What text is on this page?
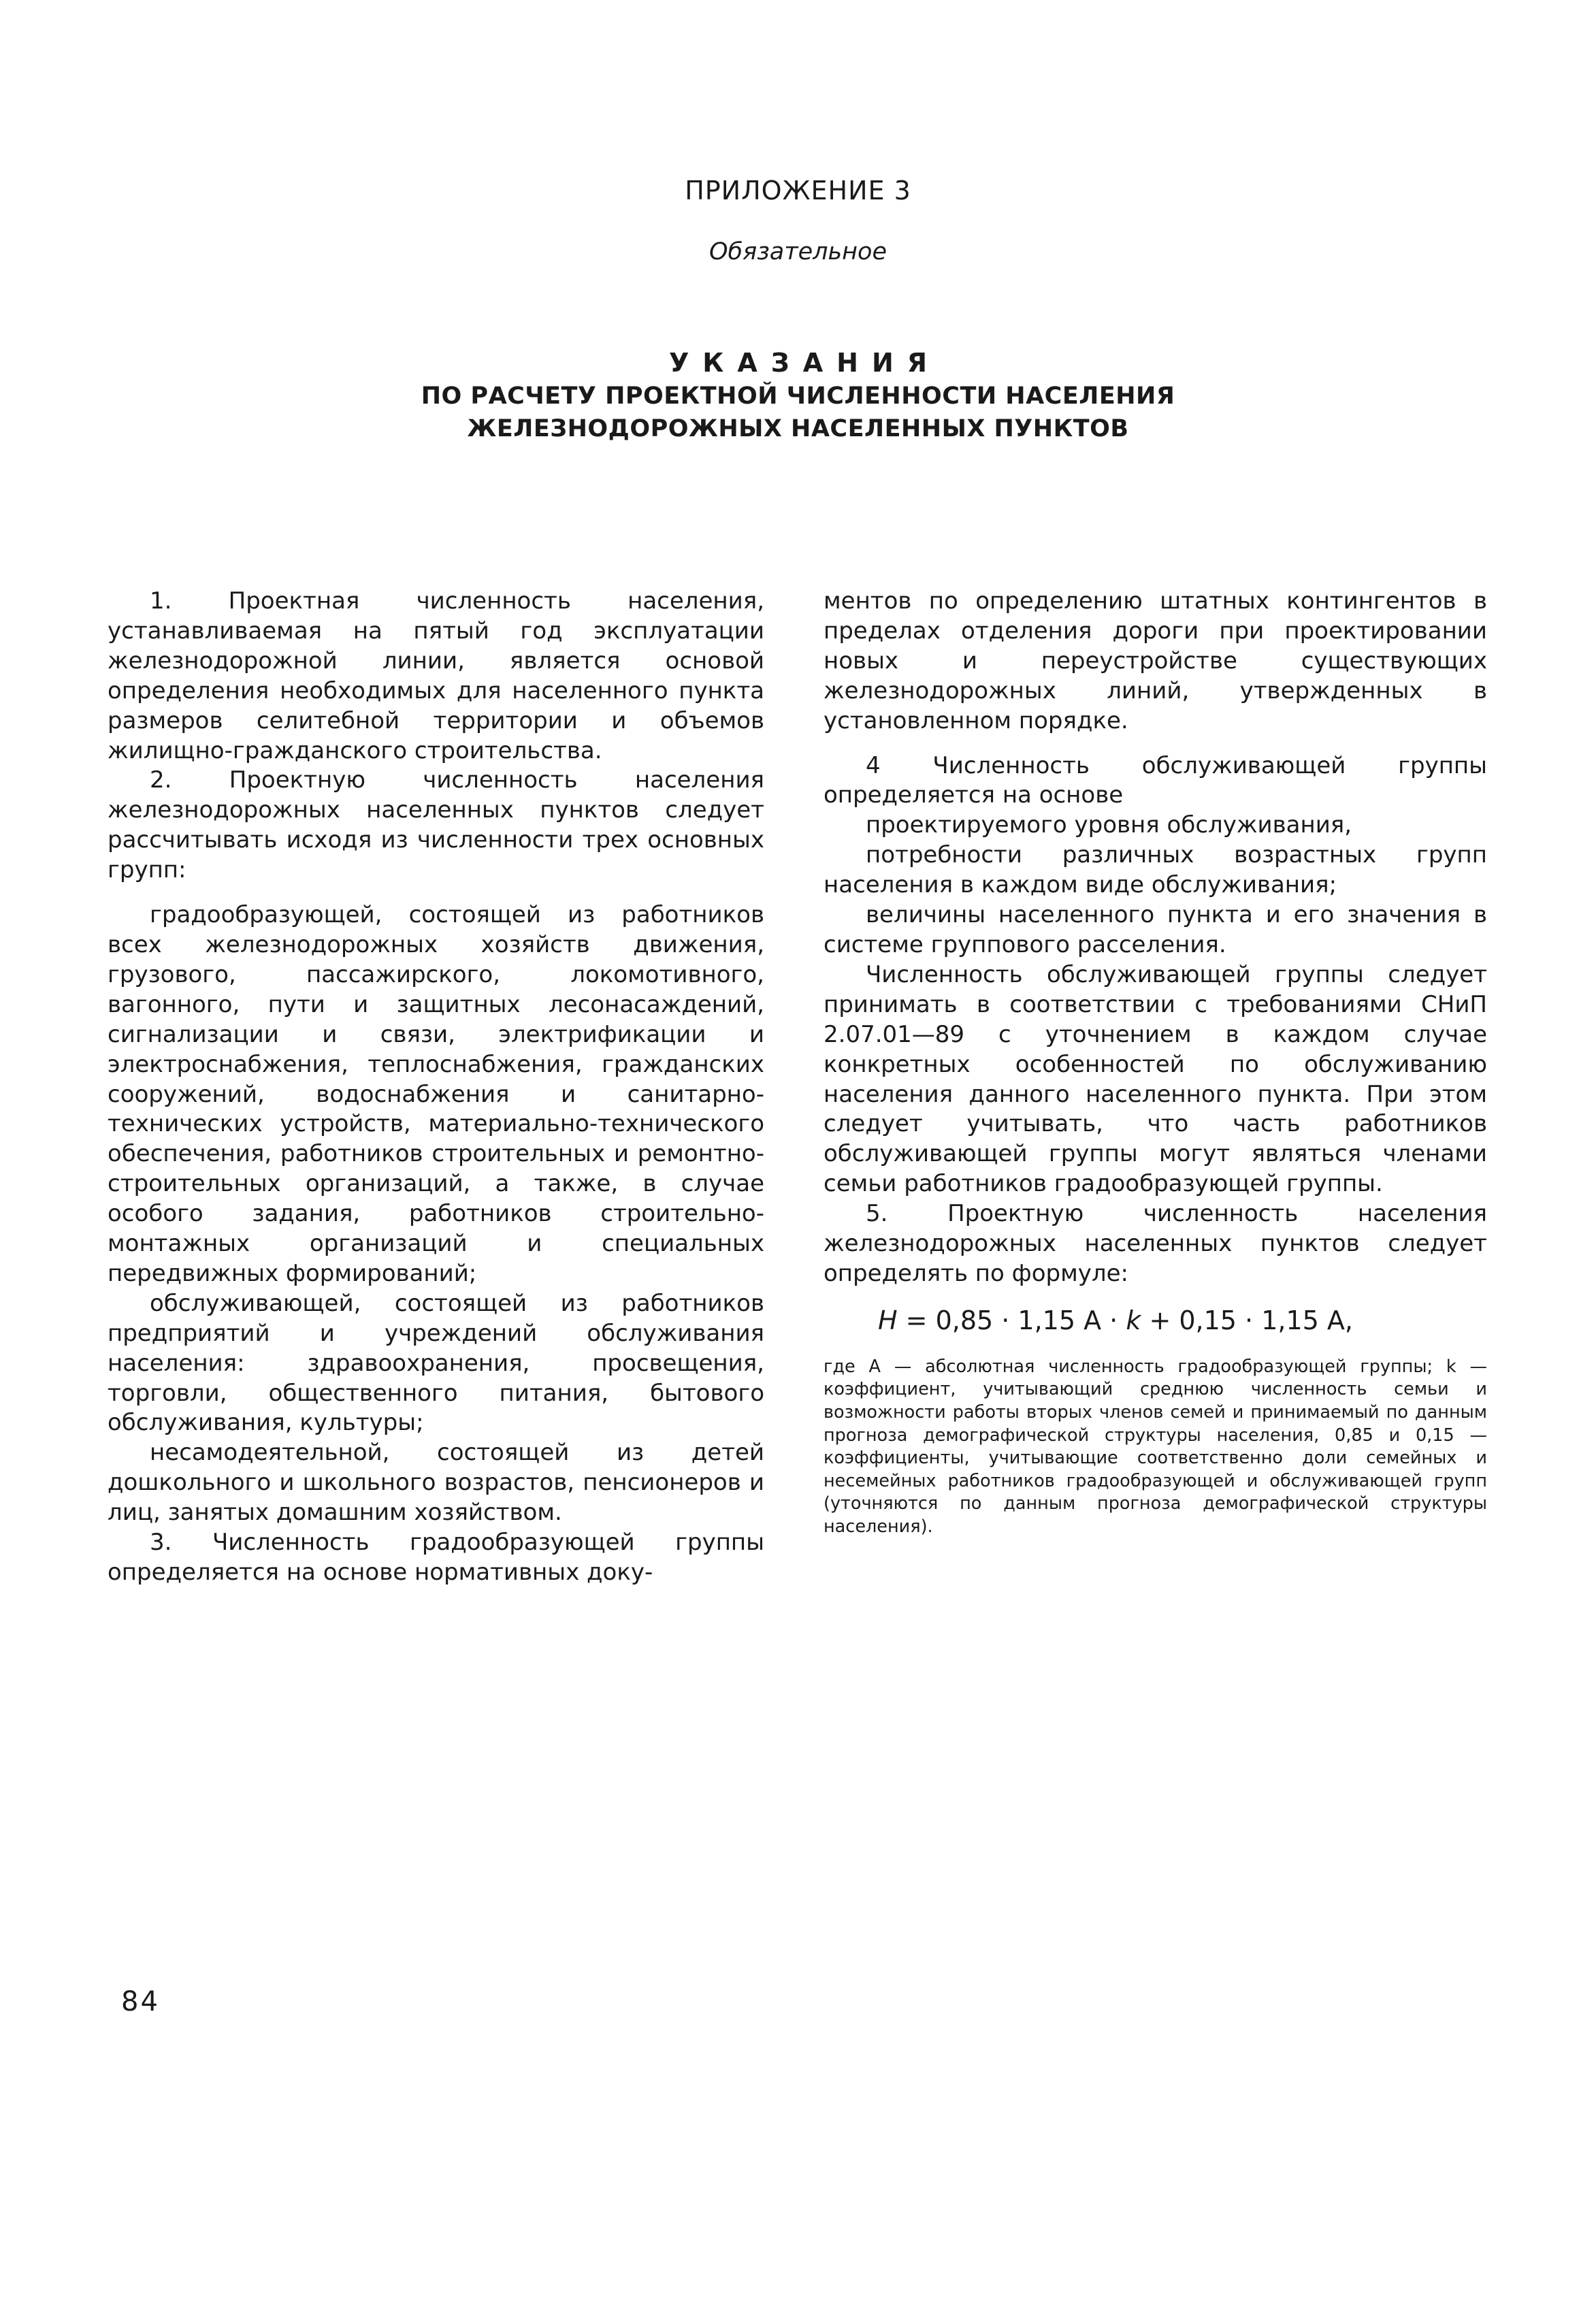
ПРИЛОЖЕНИЕ 3
Обязательное
УКАЗАНИЯ
ПО РАСЧЕТУ ПРОЕКТНОЙ ЧИСЛЕННОСТИ НАСЕЛЕНИЯ
ЖЕЛЕЗНОДОРОЖНЫХ НАСЕЛЕННЫХ ПУНКТОВ

1. Проектная численность населения, устанавливаемая на пятый год эксплуатации железнодорожной линии, является основой определения необходимых для населенного пункта размеров селитебной территории и объемов жилищно-гражданского строительства.

2. Проектную численность населения железнодорожных населенных пунктов следует рассчитывать исходя из численности трех основных групп:

градообразующей, состоящей из работников всех железнодорожных хозяйств движения, грузового, пассажирского, локомотивного, вагонного, пути и защитных лесонасаждений, сигнализации и связи, электрификации и электроснабжения, теплоснабжения, гражданских сооружений, водоснабжения и санитарно-технических устройств, материально-технического обеспечения, работников строительных и ремонтно-строительных организаций, а также, в случае особого задания, работников строительно-монтажных организаций и специальных передвижных формирований;

обслуживающей, состоящей из работников предприятий и учреждений обслуживания населения: здравоохранения, просвещения, торговли, общественного питания, бытового обслуживания, культуры;

несамодеятельной, состоящей из детей дошкольного и школьного возрастов, пенсионеров и лиц, занятых домашним хозяйством.

3. Численность градообразующей группы определяется на основе нормативных доку-

ментов по определению штатных контингентов в пределах отделения дороги при проектировании новых и переустройстве существующих железнодорожных линий, утвержденных в установленном порядке.

4 Численность обслуживающей группы определяется на основе

проектируемого уровня обслуживания,

потребности различных возрастных групп населения в каждом виде обслуживания;

величины населенного пункта и его значения в системе группового расселения.

Численность обслуживающей группы следует принимать в соответствии с требованиями СНиП 2.07.01—89 с уточнением в каждом случае конкретных особенностей по обслуживанию населения данного населенного пункта. При этом следует учитывать, что часть работников обслуживающей группы могут являться членами семьи работников градообразующей группы.

5. Проектную численность населения железнодорожных населенных пунктов следует определять по формуле:

H = 0,85 · 1,15 A · k + 0,15 · 1,15 A,
где A — абсолютная численность градообразующей группы; k — коэффициент, учитывающий среднюю численность семьи и возможности работы вторых членов семей и принимаемый по данным прогноза демографической структуры населения, 0,85 и 0,15 — коэффициенты, учитывающие соответственно доли семейных и несемейных работников градообразующей и обслуживающей групп (уточняются по данным прогноза демографической структуры населения).
84
